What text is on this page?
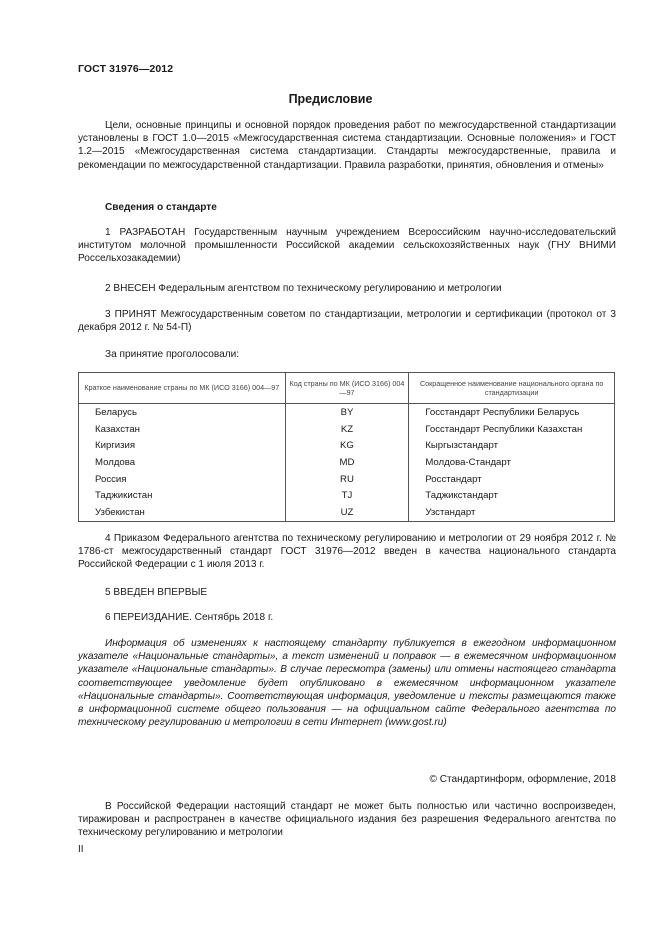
ГОСТ 31976—2012
Предисловие
Цели, основные принципы и основной порядок проведения работ по межгосударственной стандартизации установлены в ГОСТ 1.0—2015 «Межгосударственная система стандартизации. Основные положения» и ГОСТ 1.2—2015 «Межгосударственная система стандартизации. Стандарты межгосударственные, правила и рекомендации по межгосударственной стандартизации. Правила разработки, принятия, обновления и отмены»
Сведения о стандарте
1 РАЗРАБОТАН Государственным научным учреждением Всероссийским научно-исследовательский институтом молочной промышленности Российской академии сельскохозяйственных наук (ГНУ ВНИМИ Россельхозакадемии)
2 ВНЕСЕН Федеральным агентством по техническому регулированию и метрологии
3 ПРИНЯТ Межгосударственным советом по стандартизации, метрологии и сертификации (протокол от 3 декабря 2012 г. № 54-П)
За принятие проголосовали:
Краткое наименование страны по МК (ИСО 3166) 004—97	Код страны по МК (ИСО 3166) 004—97	Сокращенное наименование национального органа по стандартизации
Беларусь	BY	Госстандарт Республики Беларусь
Казахстан	KZ	Госстандарт Республики Казахстан
Киргизия	KG	Кыргызстандарт
Молдова	MD	Молдова-Стандарт
Россия	RU	Росстандарт
Таджикистан	TJ	Таджикстандарт
Узбекистан	UZ	Узстандарт
4 Приказом Федерального агентства по техническому регулированию и метрологии от 29 ноября 2012 г. № 1786-ст межгосударственный стандарт ГОСТ 31976—2012 введен в качества национального стандарта Российской Федерации с 1 июля 2013 г.
5 ВВЕДЕН ВПЕРВЫЕ
6 ПЕРЕИЗДАНИЕ. Сентябрь 2018 г.
Информация об изменениях к настоящему стандарту публикуется в ежегодном информационном указателе «Национальные стандарты», а текст изменений и поправок — в ежемесячном информационном указателе «Национальные стандарты». В случае пересмотра (замены) или отмены настоящего стандарта соответствующее уведомление будет опубликовано в ежемесячном информационном указателе «Национальные стандарты». Соответствующая информация, уведомление и тексты размещаются также в информационной системе общего пользования — на официальном сайте Федерального агентства по техническому регулированию и метрологии в сети Интернет (www.gost.ru)
© Стандартинформ, оформление, 2018
В Российской Федерации настоящий стандарт не может быть полностью или частично воспроизведен, тиражирован и распространен в качестве официального издания без разрешения Федерального агентства по техническому регулированию и метрологии
II
